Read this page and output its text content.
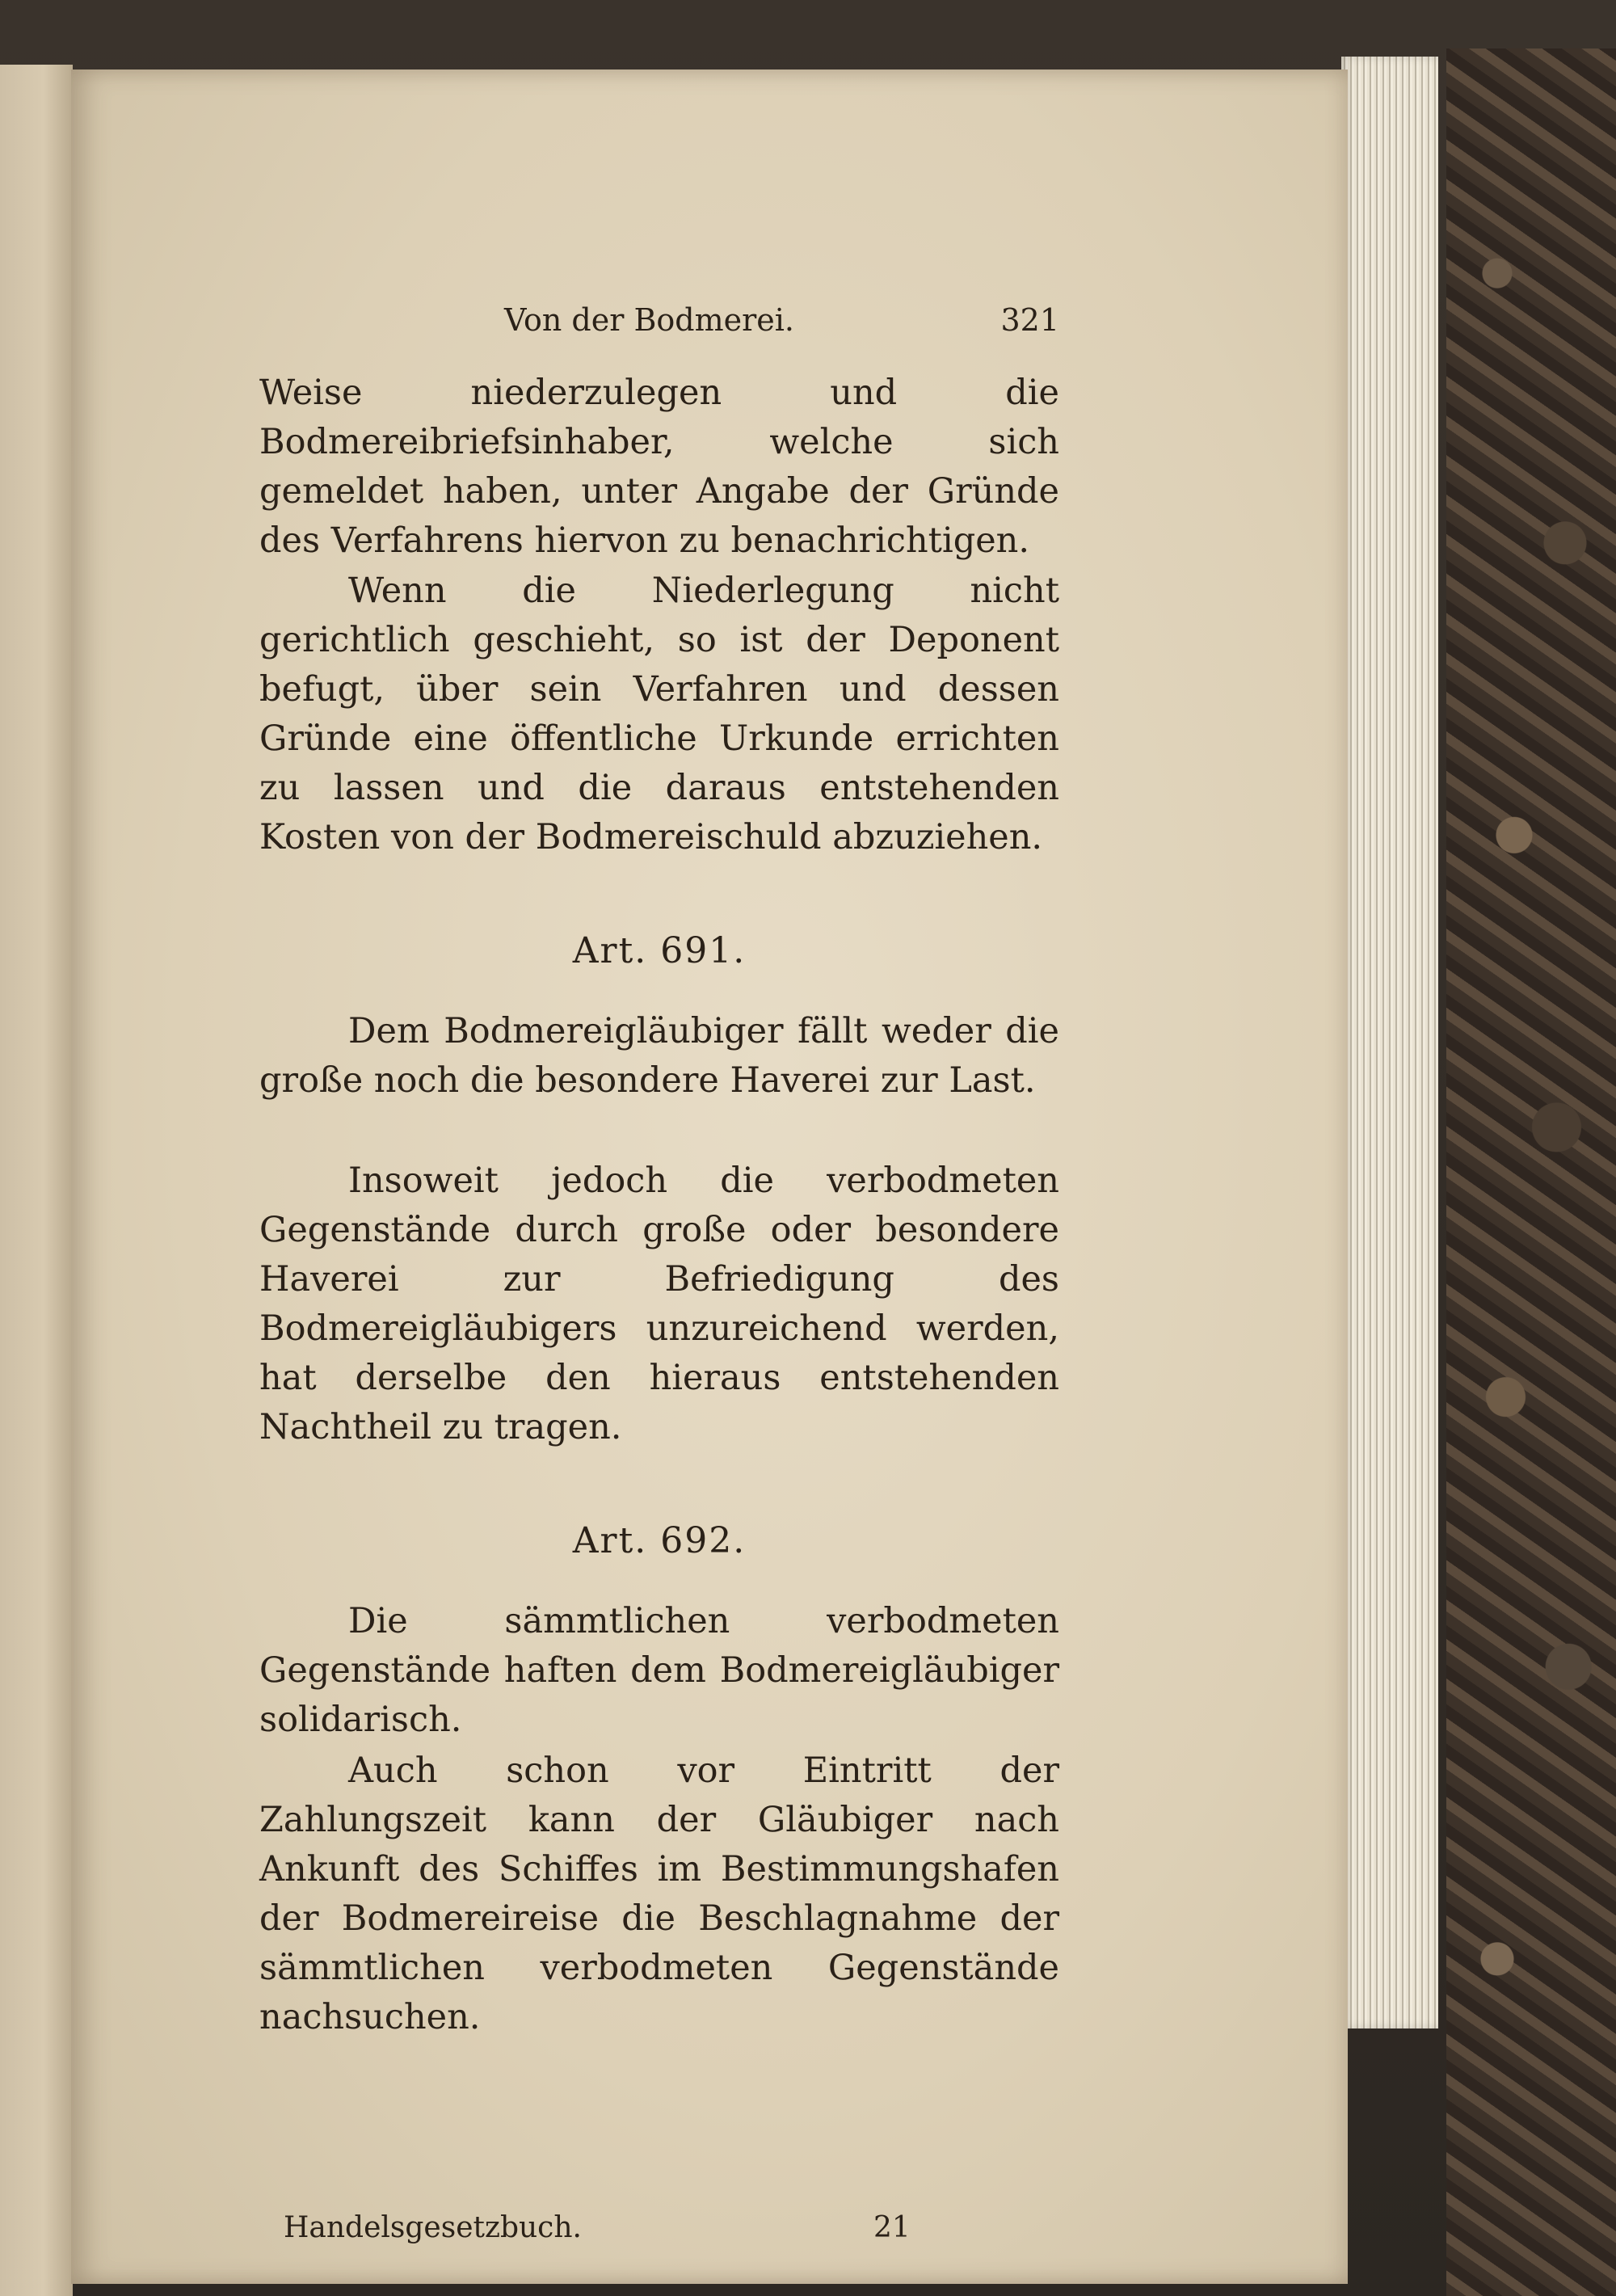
Von der Bodmerei.	321

Weise niederzulegen und die Bodmereibriefsinhaber, welche sich gemeldet haben, unter Angabe der Gründe des Verfahrens hiervon zu benachrichtigen.

Wenn die Niederlegung nicht gerichtlich geschieht, so ist der Deponent befugt, über sein Verfahren und dessen Gründe eine öffentliche Urkunde errichten zu lassen und die daraus entstehenden Kosten von der Bodmereischuld abzuziehen.

Art. 691.

Dem Bodmereigläubiger fällt weder die große noch die besondere Haverei zur Last.

Insoweit jedoch die verbodmeten Gegenstände durch große oder besondere Haverei zur Befriedigung des Bodmereigläubigers unzureichend werden, hat derselbe den hieraus entstehenden Nachtheil zu tragen.

Art. 692.

Die sämmtlichen verbodmeten Gegenstände haften dem Bodmereigläubiger solidarisch.

Auch schon vor Eintritt der Zahlungszeit kann der Gläubiger nach Ankunft des Schiffes im Bestimmungshafen der Bodmereireise die Beschlagnahme der sämmtlichen verbodmeten Gegenstände nachsuchen.

Handelsgesetzbuch.	21
